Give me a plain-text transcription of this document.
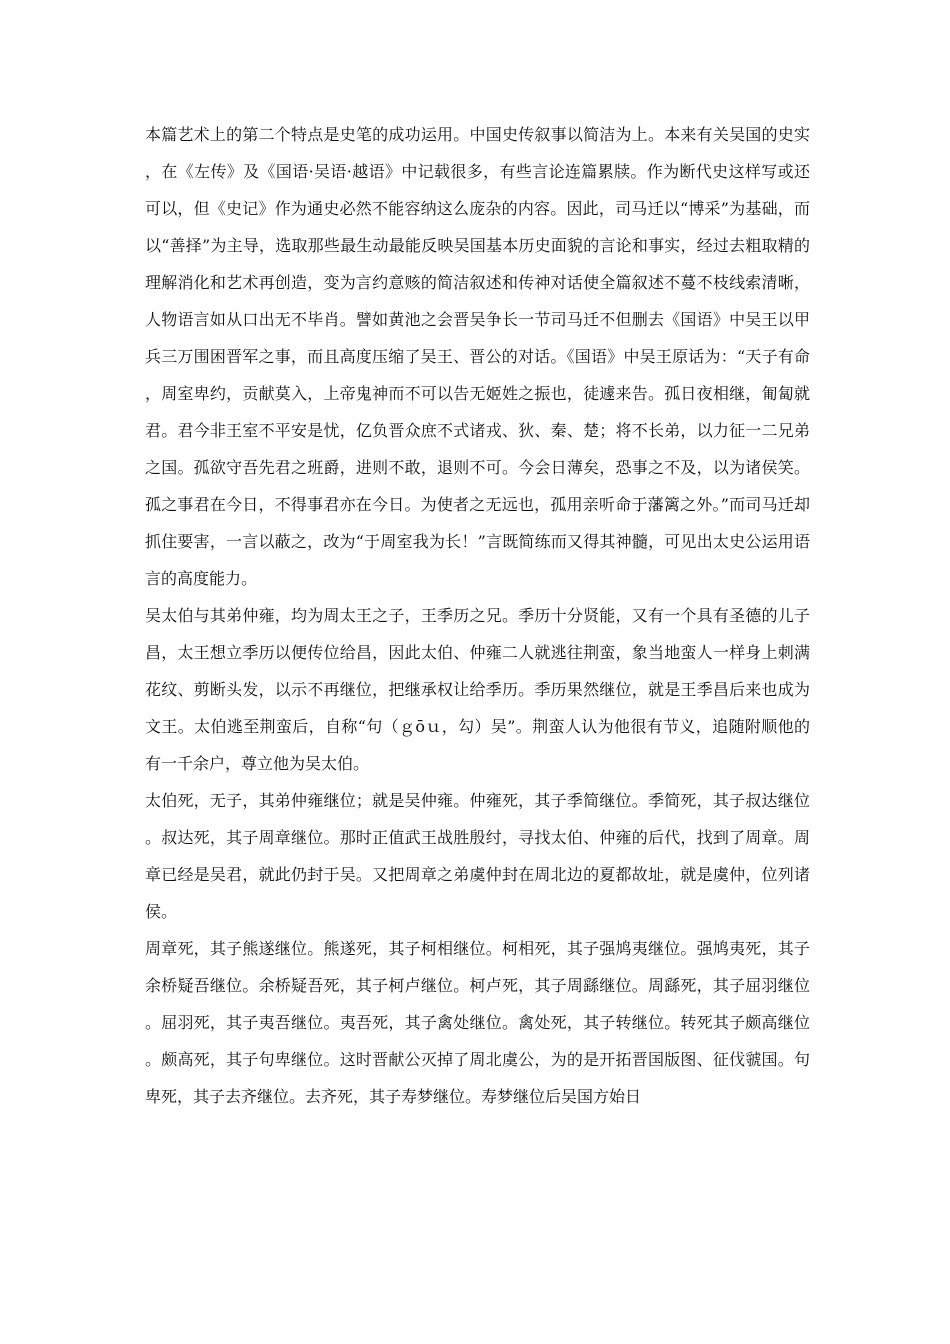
本篇艺术上的第二个特点是史笔的成功运用。中国史传叙事以简洁为上。本来有关吴国的史实，在《左传》及《国语·吴语·越语》中记载很多，有些言论连篇累牍。作为断代史这样写或还可以，但《史记》作为通史必然不能容纳这么庞杂的内容。因此，司马迁以“博采”为基础，而以“善择”为主导，选取那些最生动最能反映吴国基本历史面貌的言论和事实，经过去粗取精的理解消化和艺术再创造，变为言约意赅的简洁叙述和传神对话使全篇叙述不蔓不枝线索清晰，人物语言如从口出无不毕肖。譬如黄池之会晋吴争长一节司马迁不但删去《国语》中吴王以甲兵三万围困晋军之事，而且高度压缩了吴王、晋公的对话。《国语》中吴王原话为：“天子有命，周室卑约，贡献莫入，上帝鬼神而不可以告无姬姓之振也，徒遽来告。孤日夜相继，匍匐就君。君今非王室不平安是忧，亿负晋众庶不式诸戎、狄、秦、楚；将不长弟，以力征一二兄弟之国。孤欲守吾先君之班爵，进则不敢，退则不可。今会日薄矣，恐事之不及，以为诸侯笑。孤之事君在今日，不得事君亦在今日。为使者之无远也，孤用亲听命于藩篱之外。”而司马迁却抓住要害，一言以蔽之，改为“于周室我为长！”言既简练而又得其神髓，可见出太史公运用语言的高度能力。

吴太伯与其弟仲雍，均为周太王之子，王季历之兄。季历十分贤能，又有一个具有圣德的儿子昌，太王想立季历以便传位给昌，因此太伯、仲雍二人就逃往荆蛮，象当地蛮人一样身上刺满花纹、剪断头发，以示不再继位，把继承权让给季历。季历果然继位，就是王季昌后来也成为文王。太伯逃至荆蛮后，自称“句（ｇōｕ，勾）吴”。荆蛮人认为他很有节义，追随附顺他的有一千余户，尊立他为吴太伯。

太伯死，无子，其弟仲雍继位；就是吴仲雍。仲雍死，其子季简继位。季简死，其子叔达继位。叔达死，其子周章继位。那时正值武王战胜殷纣，寻找太伯、仲雍的后代，找到了周章。周章已经是吴君，就此仍封于吴。又把周章之弟虞仲封在周北边的夏都故址，就是虞仲，位列诸侯。

周章死，其子熊遂继位。熊遂死，其子柯相继位。柯相死，其子强鸠夷继位。强鸠夷死，其子余桥疑吾继位。余桥疑吾死，其子柯卢继位。柯卢死，其子周繇继位。周繇死，其子屈羽继位。屈羽死，其子夷吾继位。夷吾死，其子禽处继位。禽处死，其子转继位。转死其子颇高继位。颇高死，其子句卑继位。这时晋献公灭掉了周北虞公，为的是开拓晋国版图、征伐虢国。句卑死，其子去齐继位。去齐死，其子寿梦继位。寿梦继位后吴国方始日
